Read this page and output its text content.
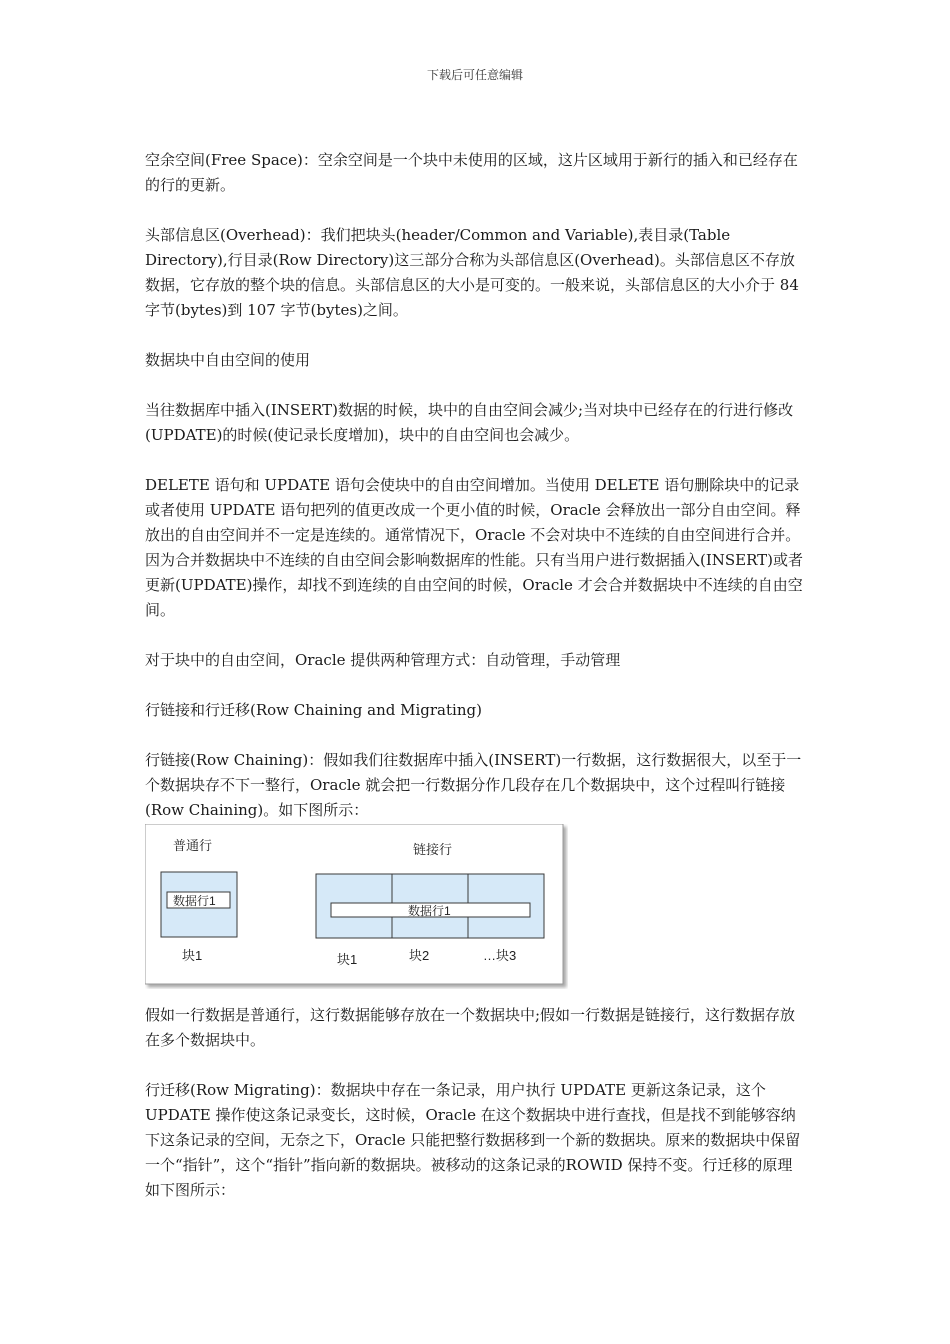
下载后可任意编辑

空余空间(Free Space)：空余空间是一个块中未使用的区域，这片区域用于新行的插入和已经存在的行的更新。

头部信息区(Overhead)：我们把块头(header/Common and Variable),表目录(Table Directory),行目录(Row Directory)这三部分合称为头部信息区(Overhead)。头部信息区不存放数据，它存放的整个块的信息。头部信息区的大小是可变的。一般来说，头部信息区的大小介于 84字节(bytes)到 107 字节(bytes)之间。

数据块中自由空间的使用

当往数据库中插入(INSERT)数据的时候，块中的自由空间会减少;当对块中已经存在的行进行修改(UPDATE)的时候(使记录长度增加)，块中的自由空间也会减少。

DELETE 语句和 UPDATE 语句会使块中的自由空间增加。当使用 DELETE 语句删除块中的记录或者使用 UPDATE 语句把列的值更改成一个更小值的时候，Oracle 会释放出一部分自由空间。释放出的自由空间并不一定是连续的。通常情况下，Oracle 不会对块中不连续的自由空间进行合并。因为合并数据块中不连续的自由空间会影响数据库的性能。只有当用户进行数据插入(INSERT)或者更新(UPDATE)操作，却找不到连续的自由空间的时候，Oracle 才会合并数据块中不连续的自由空间。

对于块中的自由空间，Oracle 提供两种管理方式：自动管理，手动管理

行链接和行迁移(Row Chaining and Migrating)

行链接(Row Chaining)：假如我们往数据库中插入(INSERT)一行数据，这行数据很大，以至于一个数据块存不下一整行，Oracle 就会把一行数据分作几段存在几个数据块中，这个过程叫行链接(Row Chaining)。如下图所示：

普通行	链接行
数据行1
数据行1
块1	块1	块2	…块3

假如一行数据是普通行，这行数据能够存放在一个数据块中;假如一行数据是链接行，这行数据存放在多个数据块中。

行迁移(Row Migrating)：数据块中存在一条记录，用户执行 UPDATE 更新这条记录，这个UPDATE 操作使这条记录变长，这时候，Oracle 在这个数据块中进行查找，但是找不到能够容纳下这条记录的空间，无奈之下，Oracle 只能把整行数据移到一个新的数据块。原来的数据块中保留一个“指针”，这个“指针”指向新的数据块。被移动的这条记录的ROWID 保持不变。行迁移的原理如下图所示：
